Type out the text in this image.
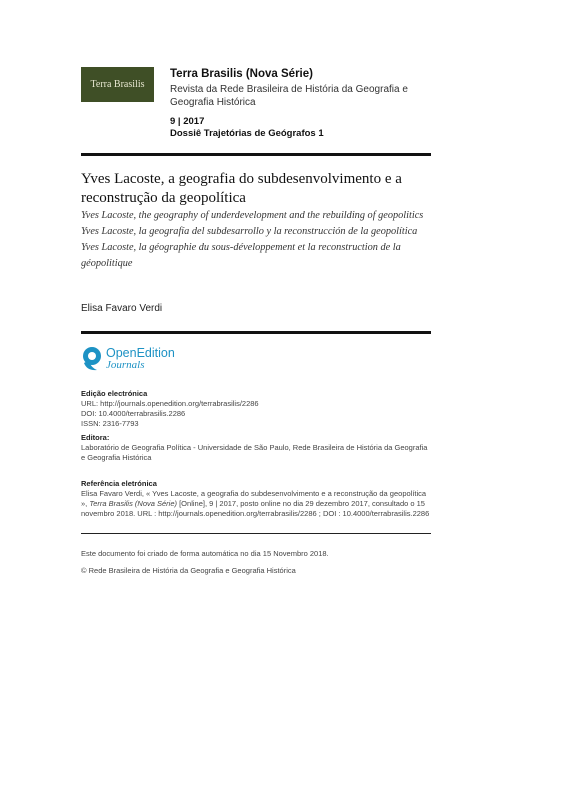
Terra Brasilis
Terra Brasilis (Nova Série)
Revista da Rede Brasileira de História da Geografia e Geografia Histórica
9 | 2017
Dossiê Trajetórias de Geógrafos 1
Yves Lacoste, a geografia do subdesenvolvimento e a reconstrução da geopolítica
Yves Lacoste, the geography of underdevelopment and the rebuilding of geopolitics
Yves Lacoste, la geografía del subdesarrollo y la reconstrucción de la geopolítica
Yves Lacoste, la géographie du sous-développement et la reconstruction de la géopolitique
Elisa Favaro Verdi
OpenEdition
Journals
Edição electrónica
URL: http://journals.openedition.org/terrabrasilis/2286
DOI: 10.4000/terrabrasilis.2286
ISSN: 2316-7793
Editora:
Laboratório de Geografia Política - Universidade de São Paulo, Rede Brasileira de História da Geografia e Geografia Histórica
Referência eletrónica
Elisa Favaro Verdi, « Yves Lacoste, a geografia do subdesenvolvimento e a reconstrução da geopolítica », Terra Brasilis (Nova Série) [Online], 9 | 2017, posto online no dia 29 dezembro 2017, consultado o 15 novembro 2018. URL : http://journals.openedition.org/terrabrasilis/2286 ; DOI : 10.4000/terrabrasilis.2286
Este documento foi criado de forma automática no dia 15 Novembro 2018.
© Rede Brasileira de História da Geografia e Geografia Histórica
